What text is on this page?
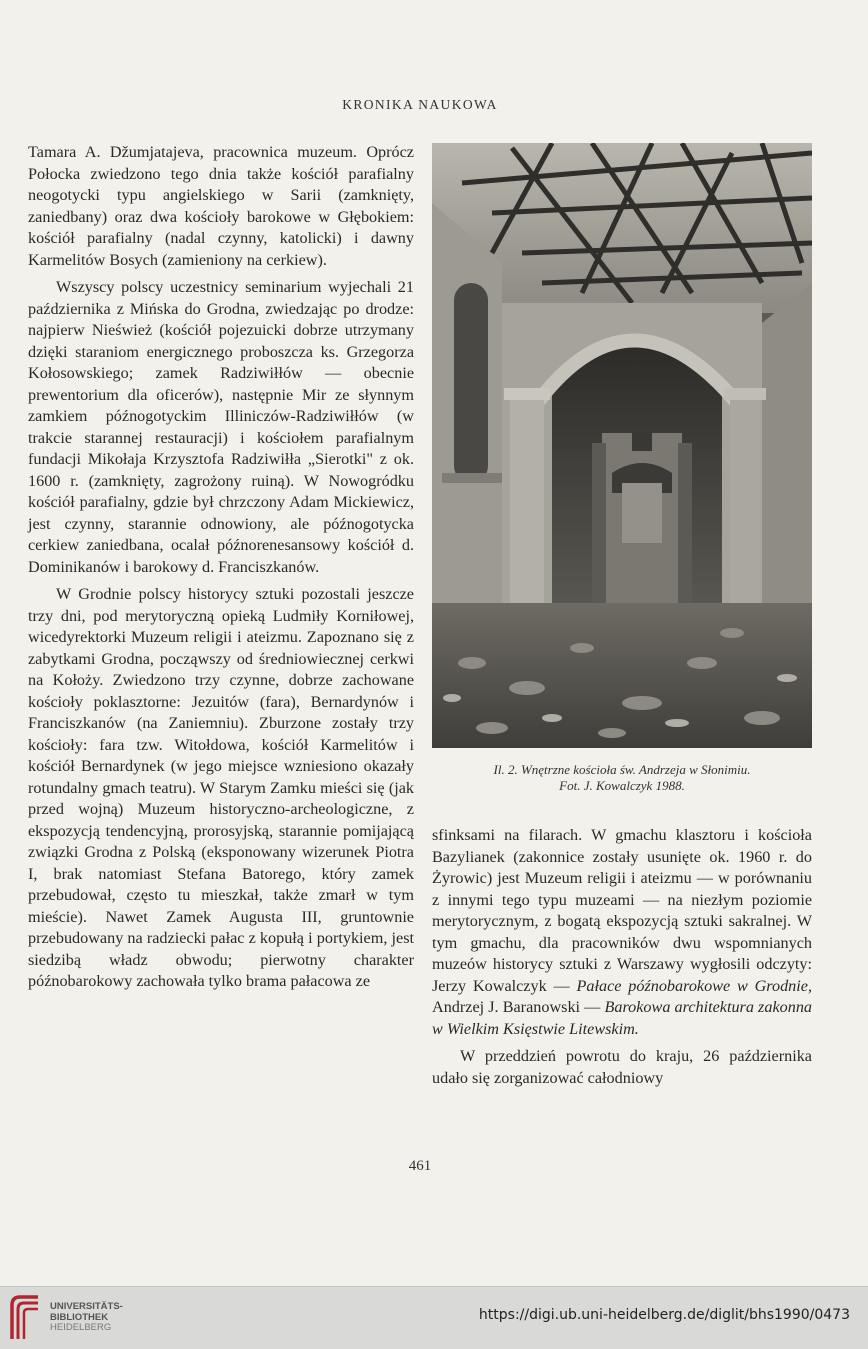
KRONIKA NAUKOWA

Tamara A. Džumjatajeva, pracownica muzeum. Oprócz Połocka zwiedzono tego dnia także kościół parafialny neogotycki typu angielskiego w Sarii (zamknięty, zaniedbany) oraz dwa kościoły barokowe w Głębokiem: kościół parafialny (nadal czynny, katolicki) i dawny Karmelitów Bosych (zamieniony na cerkiew).

Wszyscy polscy uczestnicy seminarium wyjechali 21 października z Mińska do Grodna, zwiedzając po drodze: najpierw Nieśwież (kościół pojezuicki dobrze utrzymany dzięki staraniom energicznego proboszcza ks. Grzegorza Kołosowskiego; zamek Radziwiłłów — obecnie prewentorium dla oficerów), następnie Mir ze słynnym zamkiem późnogotyckim Illiniczów-Radziwiłłów (w trakcie starannej restauracji) i kościołem parafialnym fundacji Mikołaja Krzysztofa Radziwiłła „Sierotki" z ok. 1600 r. (zamknięty, zagrożony ruiną). W Nowogródku kościół parafialny, gdzie był chrzczony Adam Mickiewicz, jest czynny, starannie odnowiony, ale późnogotycka cerkiew zaniedbana, ocalał późnorenesansowy kościół d. Dominikanów i barokowy d. Franciszkanów.

W Grodnie polscy historycy sztuki pozostali jeszcze trzy dni, pod merytoryczną opieką Ludmiły Korniłowej, wicedyrektorki Muzeum religii i ateizmu. Zapoznano się z zabytkami Grodna, począwszy od średniowiecznej cerkwi na Kołoży. Zwiedzono trzy czynne, dobrze zachowane kościoły poklasztorne: Jezuitów (fara), Bernardynów i Franciszkanów (na Zaniemniu). Zburzone zostały trzy kościoły: fara tzw. Witołdowa, kościół Karmelitów i kościół Bernardynek (w jego miejsce wzniesiono okazały rotundalny gmach teatru). W Starym Zamku mieści się (jak przed wojną) Muzeum historyczno-archeologiczne, z ekspozycją tendencyjną, prorosyjską, starannie pomijającą związki Grodna z Polską (eksponowany wizerunek Piotra I, brak natomiast Stefana Batorego, który zamek przebudował, często tu mieszkał, także zmarł w tym mieście). Nawet Zamek Augusta III, gruntownie przebudowany na radziecki pałac z kopułą i portykiem, jest siedzibą władz obwodu; pierwotny charakter późnobarokowy zachowała tylko brama pałacowa ze

Il. 2. Wnętrzne kościoła św. Andrzeja w Słonimiu.
Fot. J. Kowalczyk 1988.

sfinksami na filarach. W gmachu klasztoru i kościoła Bazylianek (zakonnice zostały usunięte ok. 1960 r. do Żyrowic) jest Muzeum religii i ateizmu — w porównaniu z innymi tego typu muzeami — na niezłym poziomie merytorycznym, z bogatą ekspozycją sztuki sakralnej. W tym gmachu, dla pracowników dwu wspomnianych muzeów historycy sztuki z Warszawy wygłosili odczyty: Jerzy Kowalczyk — Pałace późnobarokowe w Grodnie, Andrzej J. Baranowski — Barokowa architektura zakonna w Wielkim Księstwie Litewskim.

W przeddzień powrotu do kraju, 26 października udało się zorganizować całodniowy

461
UNIVERSITÄTS-
BIBLIOTHEK
HEIDELBERG
https://digi.ub.uni-heidelberg.de/diglit/bhs1990/0473
